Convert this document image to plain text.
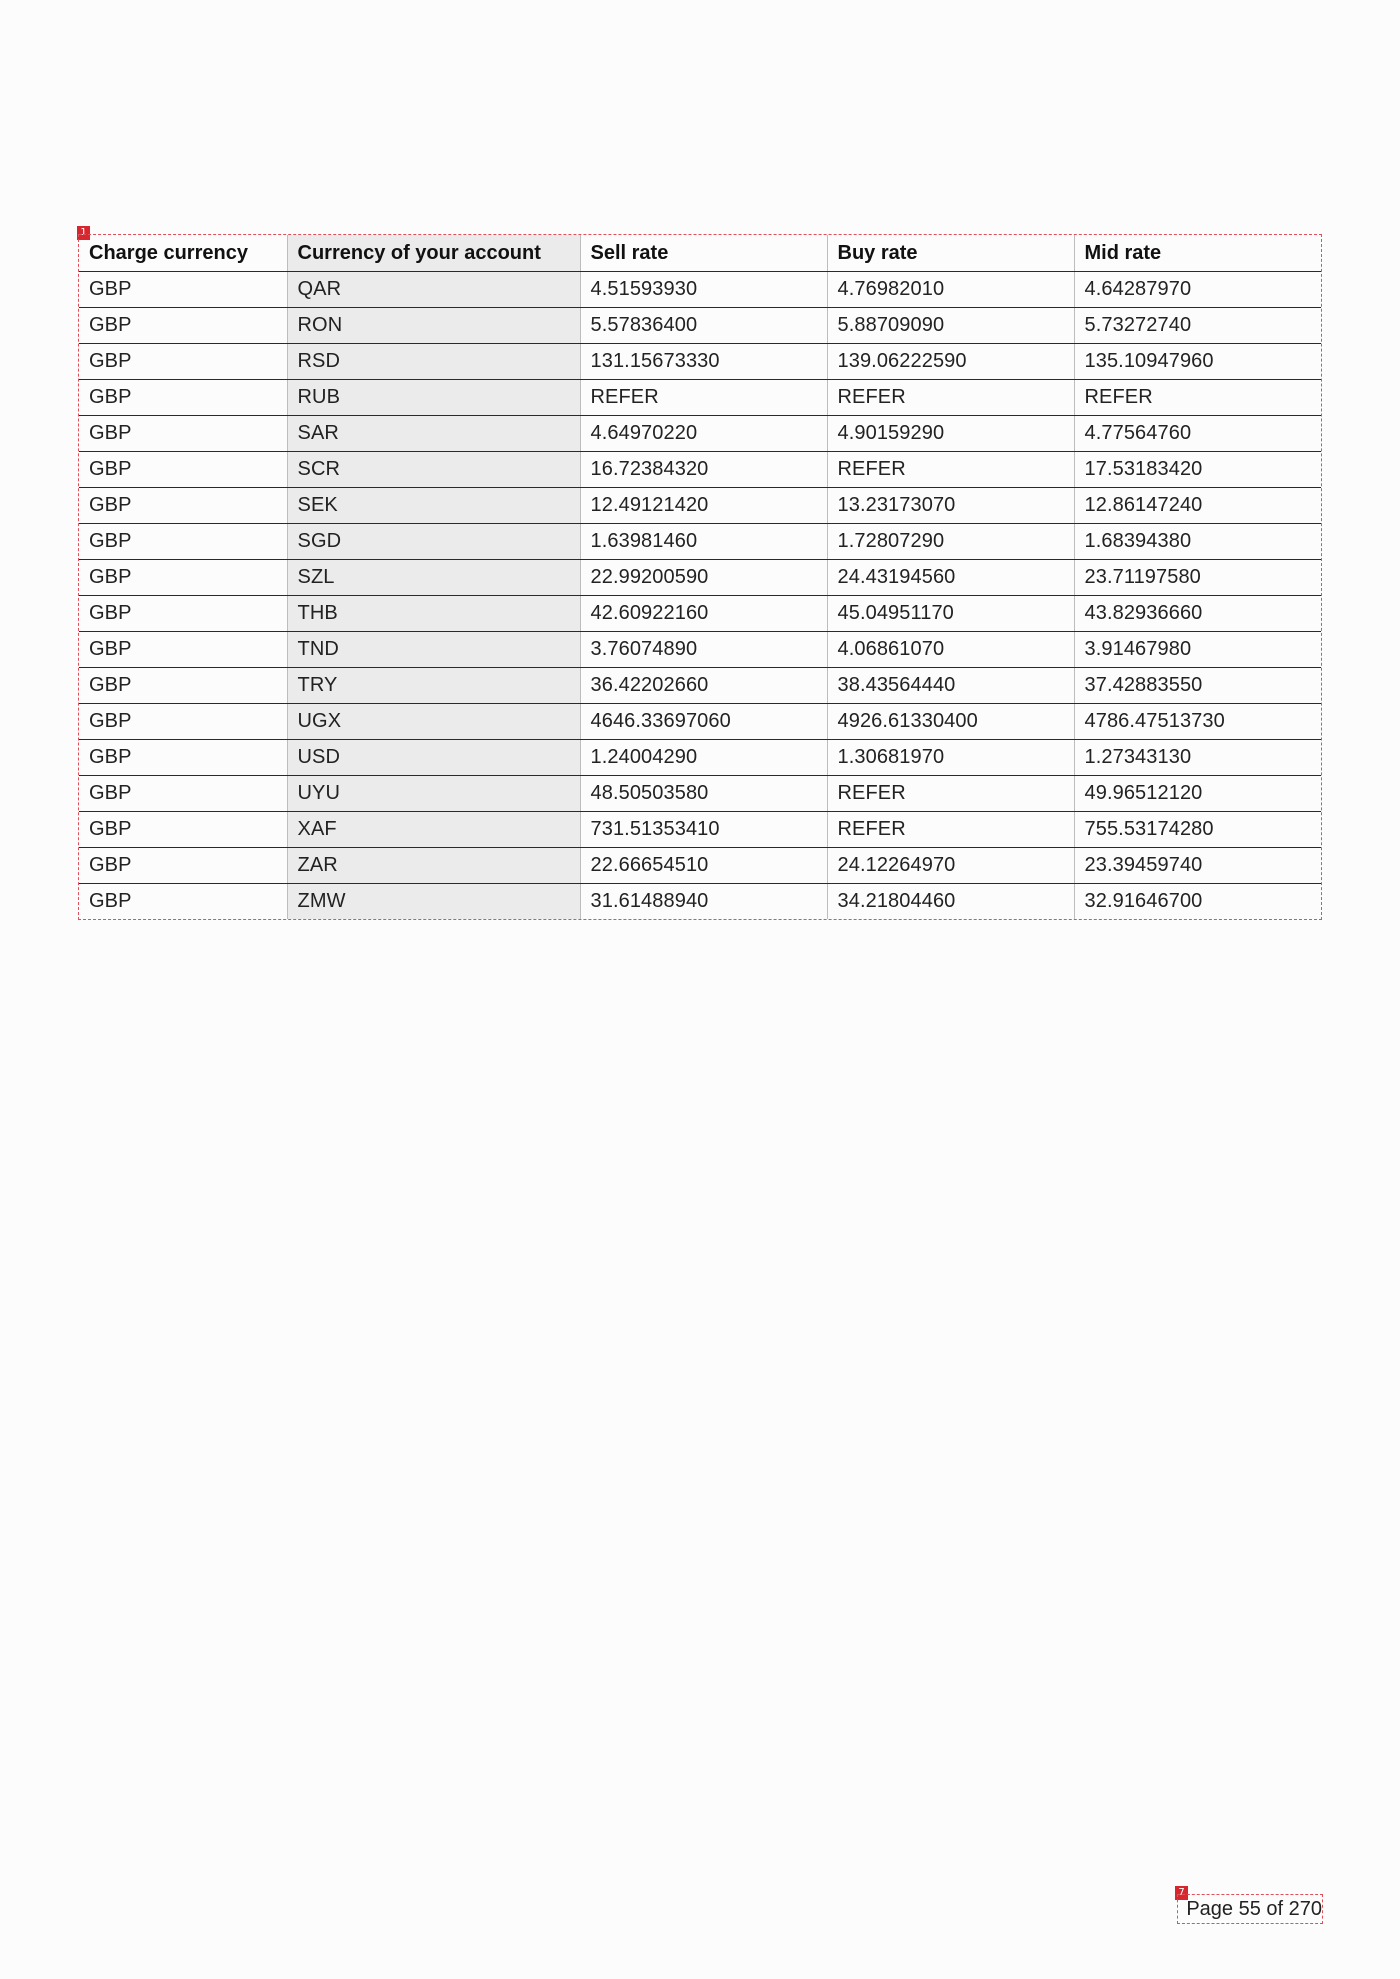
1
Charge currency	Currency of your account	Sell rate	Buy rate	Mid rate
GBP	QAR	4.51593930	4.76982010	4.64287970
GBP	RON	5.57836400	5.88709090	5.73272740
GBP	RSD	131.15673330	139.06222590	135.10947960
GBP	RUB	REFER	REFER	REFER
GBP	SAR	4.64970220	4.90159290	4.77564760
GBP	SCR	16.72384320	REFER	17.53183420
GBP	SEK	12.49121420	13.23173070	12.86147240
GBP	SGD	1.63981460	1.72807290	1.68394380
GBP	SZL	22.99200590	24.43194560	23.71197580
GBP	THB	42.60922160	45.04951170	43.82936660
GBP	TND	3.76074890	4.06861070	3.91467980
GBP	TRY	36.42202660	38.43564440	37.42883550
GBP	UGX	4646.33697060	4926.61330400	4786.47513730
GBP	USD	1.24004290	1.30681970	1.27343130
GBP	UYU	48.50503580	REFER	49.96512120
GBP	XAF	731.51353410	REFER	755.53174280
GBP	ZAR	22.66654510	24.12264970	23.39459740
GBP	ZMW	31.61488940	34.21804460	32.91646700
7
Page 55 of 270
